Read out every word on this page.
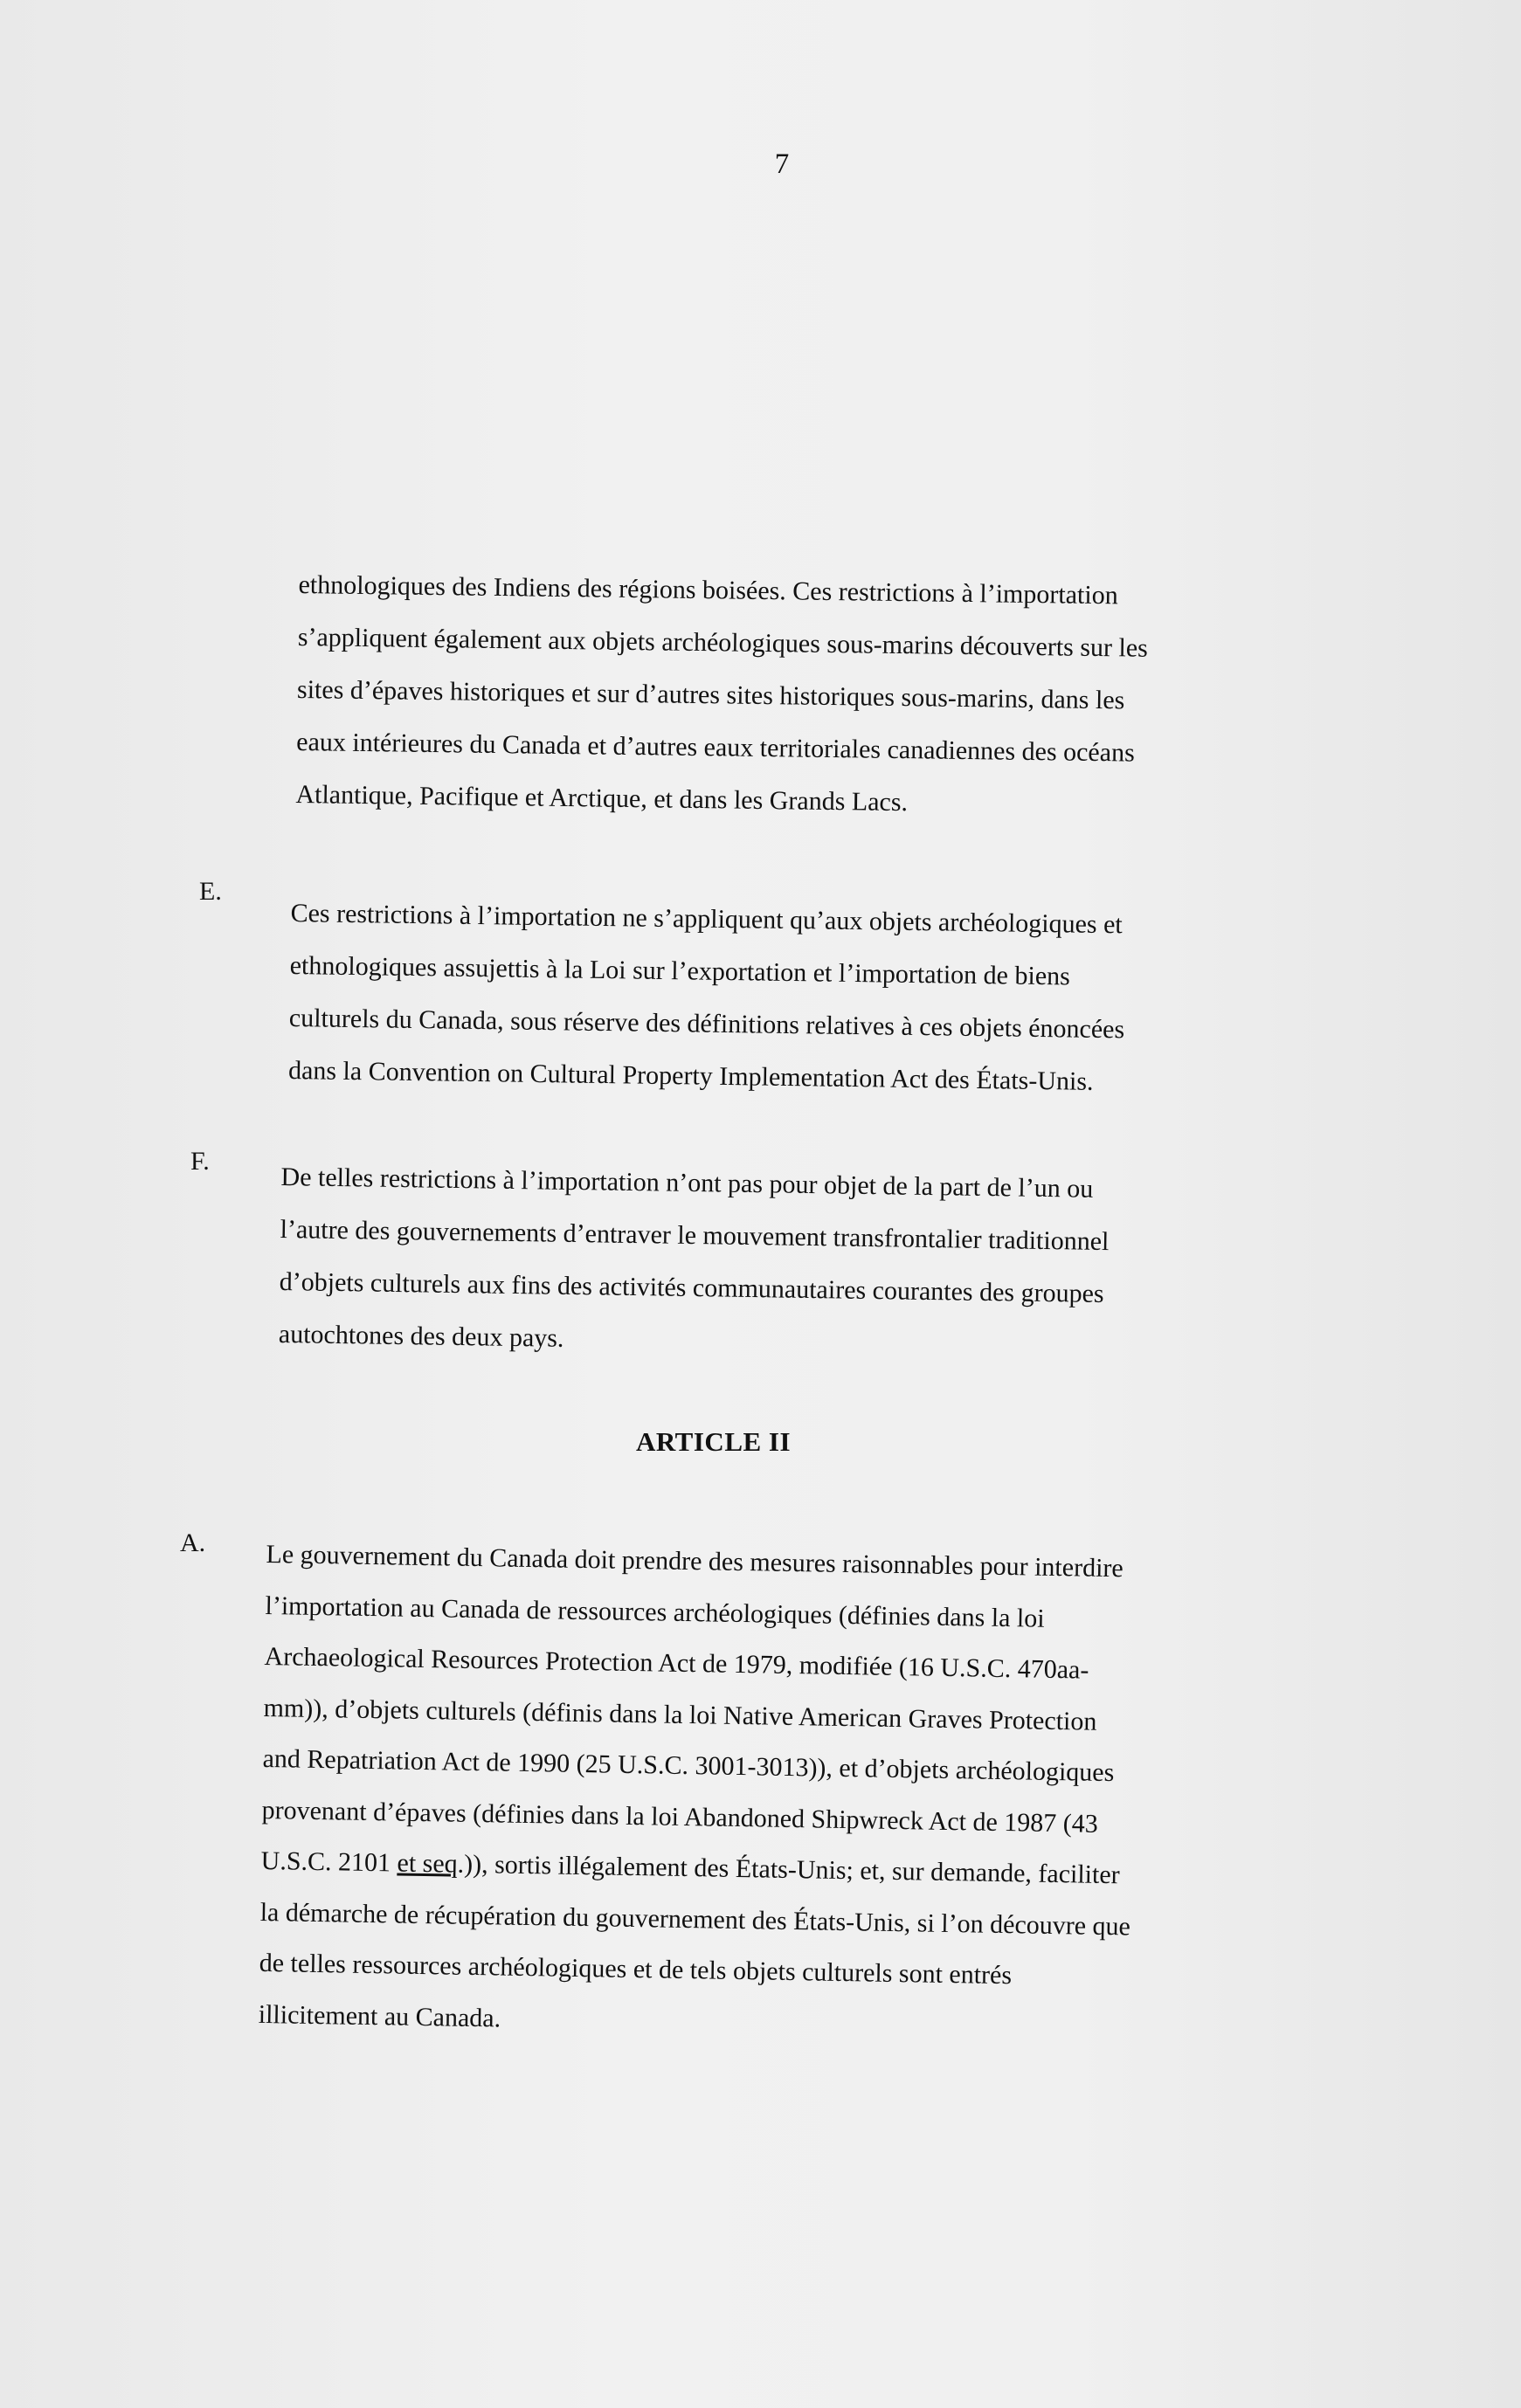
7

ethnologiques des Indiens des régions boisées. Ces restrictions à l’importation

s’appliquent également aux objets archéologiques sous-marins découverts sur les

sites d’épaves historiques et sur d’autres sites historiques sous-marins, dans les

eaux intérieures du Canada et d’autres eaux territoriales canadiennes des océans

Atlantique, Pacifique et Arctique, et dans les Grands Lacs.

E.

Ces restrictions à l’importation ne s’appliquent qu’aux objets archéologiques et

ethnologiques assujettis à la Loi sur l’exportation et l’importation de biens

culturels du Canada, sous réserve des définitions relatives à ces objets énoncées

dans la Convention on Cultural Property Implementation Act des États-Unis.

F.

De telles restrictions à l’importation n’ont pas pour objet de la part de l’un ou

l’autre des gouvernements d’entraver le mouvement transfrontalier traditionnel

d’objets culturels aux fins des activités communautaires courantes des groupes

autochtones des deux pays.

ARTICLE II
A. Le gouvernement du Canada doit prendre des mesures raisonnables pour interdire

l’importation au Canada de ressources archéologiques (définies dans la loi

Archaeological Resources Protection Act de 1979, modifiée (16 U.S.C. 470aa-

mm)), d’objets culturels (définis dans la loi Native American Graves Protection

and Repatriation Act de 1990 (25 U.S.C. 3001-3013)), et d’objets archéologiques

provenant d’épaves (définies dans la loi Abandoned Shipwreck Act de 1987 (43

U.S.C. 2101 et seq.)), sortis illégalement des États-Unis; et, sur demande, faciliter

la démarche de récupération du gouvernement des États-Unis, si l’on découvre que

de telles ressources archéologiques et de tels objets culturels sont entrés

illicitement au Canada.
